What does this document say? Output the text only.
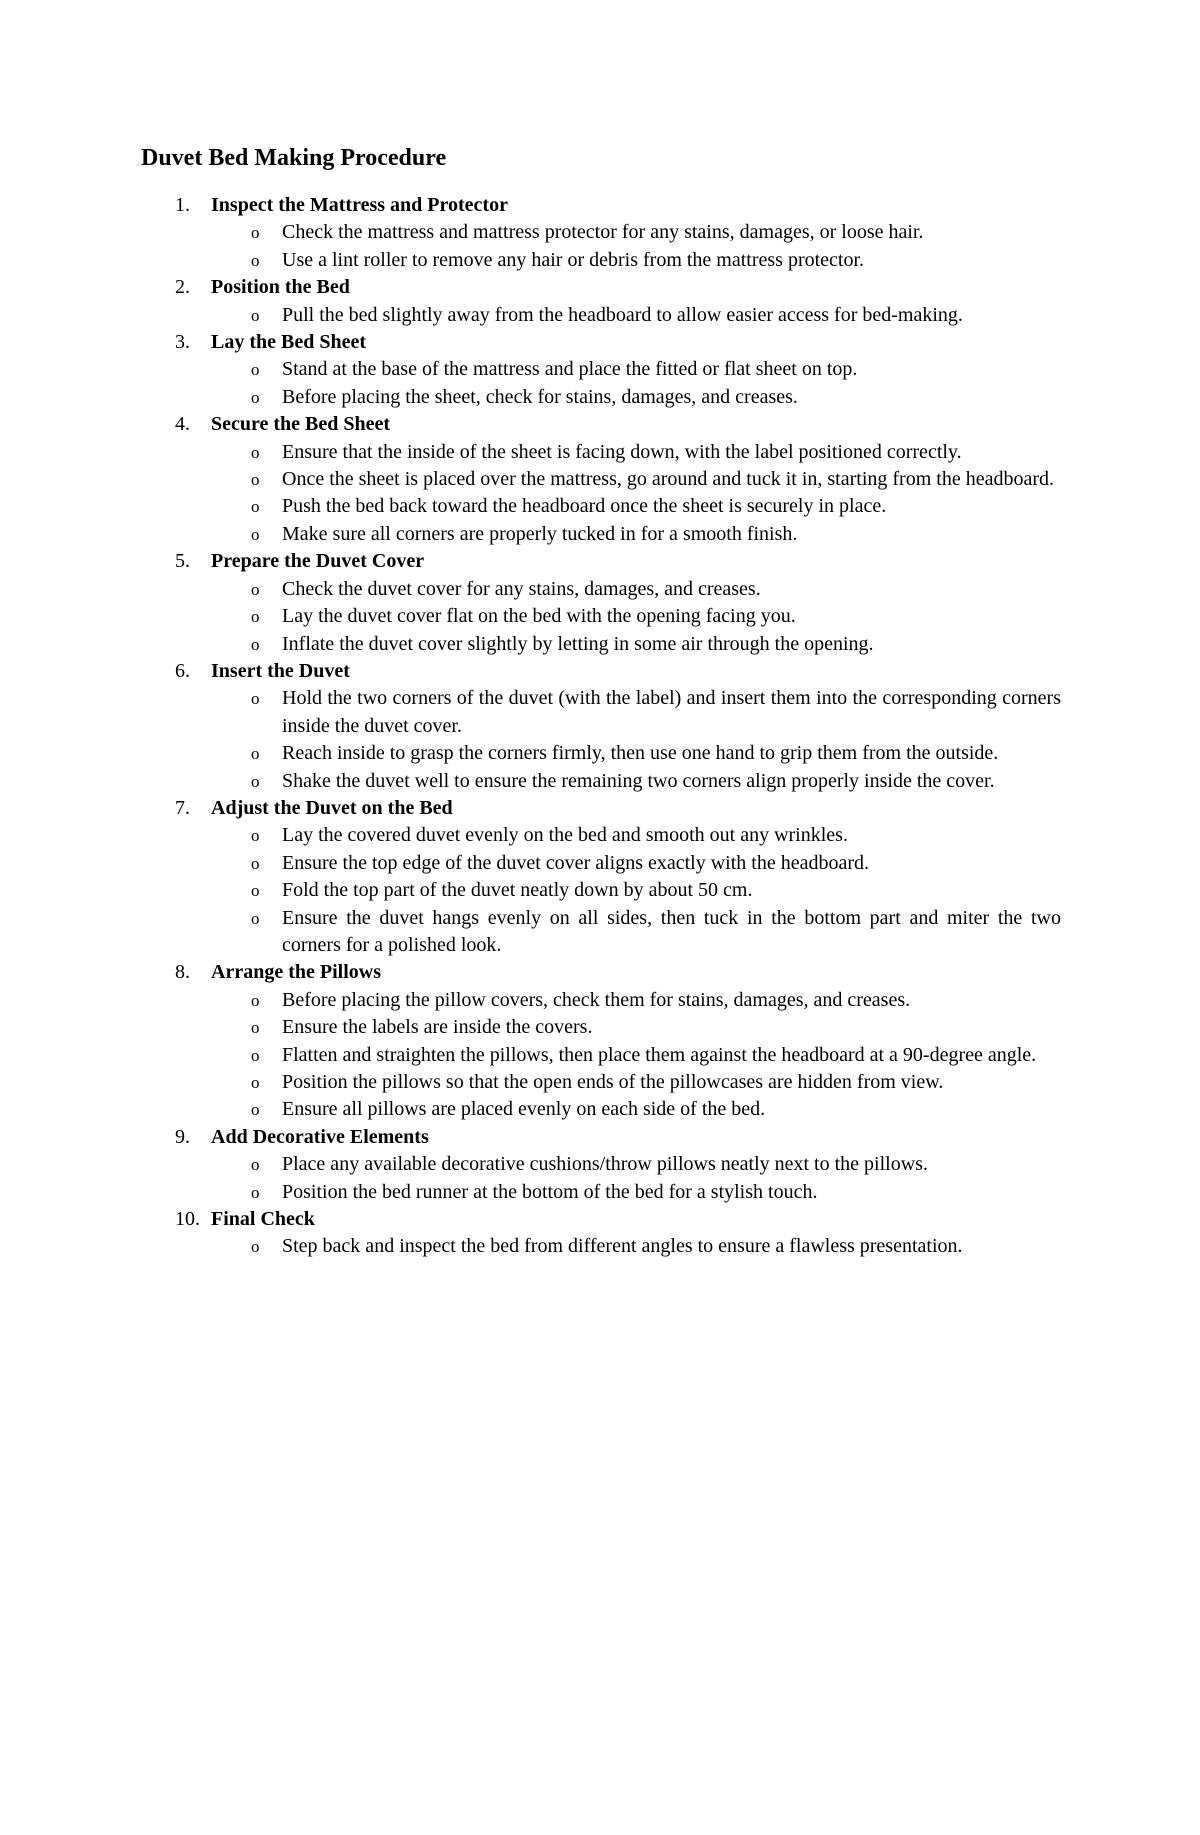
Duvet Bed Making Procedure
1. Inspect the Mattress and Protector
o Check the mattress and mattress protector for any stains, damages, or loose hair.
o Use a lint roller to remove any hair or debris from the mattress protector.
2. Position the Bed
o Pull the bed slightly away from the headboard to allow easier access for bed-making.
3. Lay the Bed Sheet
o Stand at the base of the mattress and place the fitted or flat sheet on top.
o Before placing the sheet, check for stains, damages, and creases.
4. Secure the Bed Sheet
o Ensure that the inside of the sheet is facing down, with the label positioned correctly.
o Once the sheet is placed over the mattress, go around and tuck it in, starting from the headboard.
o Push the bed back toward the headboard once the sheet is securely in place.
o Make sure all corners are properly tucked in for a smooth finish.
5. Prepare the Duvet Cover
o Check the duvet cover for any stains, damages, and creases.
o Lay the duvet cover flat on the bed with the opening facing you.
o Inflate the duvet cover slightly by letting in some air through the opening.
6. Insert the Duvet
o Hold the two corners of the duvet (with the label) and insert them into the corresponding corners inside the duvet cover.
o Reach inside to grasp the corners firmly, then use one hand to grip them from the outside.
o Shake the duvet well to ensure the remaining two corners align properly inside the cover.
7. Adjust the Duvet on the Bed
o Lay the covered duvet evenly on the bed and smooth out any wrinkles.
o Ensure the top edge of the duvet cover aligns exactly with the headboard.
o Fold the top part of the duvet neatly down by about 50 cm.
o Ensure the duvet hangs evenly on all sides, then tuck in the bottom part and miter the two corners for a polished look.
8. Arrange the Pillows
o Before placing the pillow covers, check them for stains, damages, and creases.
o Ensure the labels are inside the covers.
o Flatten and straighten the pillows, then place them against the headboard at a 90-degree angle.
o Position the pillows so that the open ends of the pillowcases are hidden from view.
o Ensure all pillows are placed evenly on each side of the bed.
9. Add Decorative Elements
o Place any available decorative cushions/throw pillows neatly next to the pillows.
o Position the bed runner at the bottom of the bed for a stylish touch.
10. Final Check
o Step back and inspect the bed from different angles to ensure a flawless presentation.
